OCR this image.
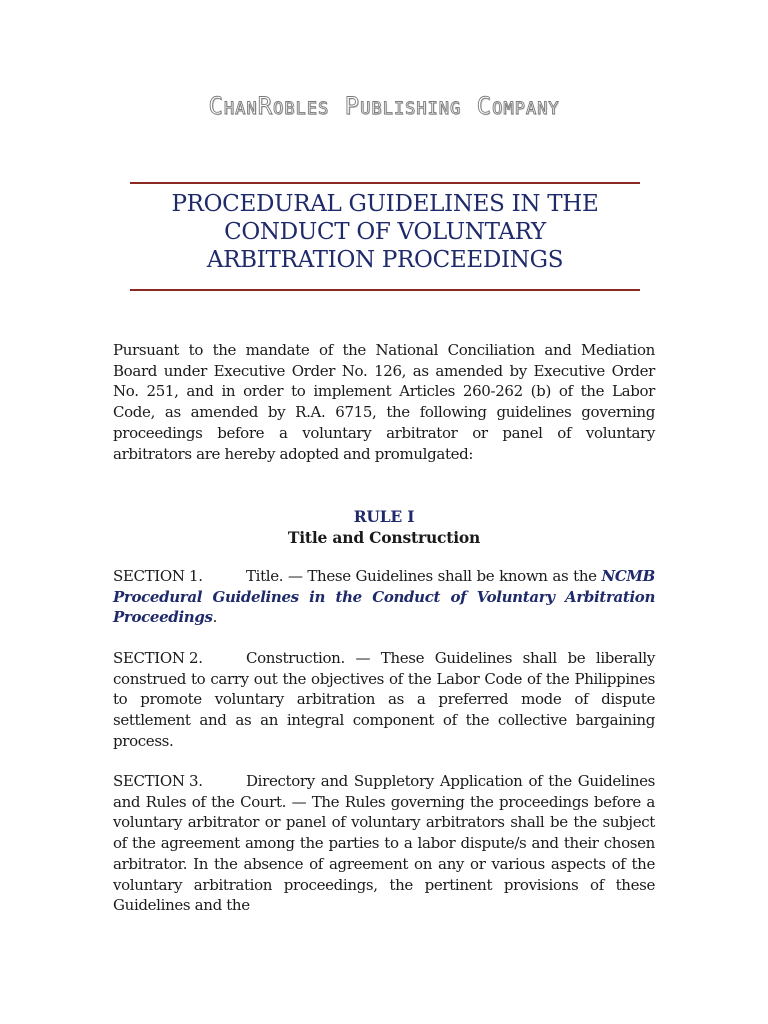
ChanRobles Publishing Company
PROCEDURAL GUIDELINES IN THE
CONDUCT OF VOLUNTARY
ARBITRATION PROCEEDINGS
Pursuant to the mandate of the National Conciliation and Mediation Board under Executive Order No. 126, as amended by Executive Order No. 251, and in order to implement Articles 260-262 (b) of the Labor Code, as amended by R.A. 6715, the following guidelines governing proceedings before a voluntary arbitrator or panel of voluntary arbitrators are hereby adopted and promulgated:
RULE I
Title and Construction
SECTION 1.	Title. — These Guidelines shall be known as the NCMB Procedural Guidelines in the Conduct of Voluntary Arbitration Proceedings.
SECTION 2.	Construction. — These Guidelines shall be liberally construed to carry out the objectives of the Labor Code of the Philippines to promote voluntary arbitration as a preferred mode of dispute settlement and as an integral component of the collective bargaining process.
SECTION 3.	Directory and Suppletory Application of the Guidelines and Rules of the Court. — The Rules governing the proceedings before a voluntary arbitrator or panel of voluntary arbitrators shall be the subject of the agreement among the parties to a labor dispute/s and their chosen arbitrator. In the absence of agreement on any or various aspects of the voluntary arbitration proceedings, the pertinent provisions of these Guidelines and the
